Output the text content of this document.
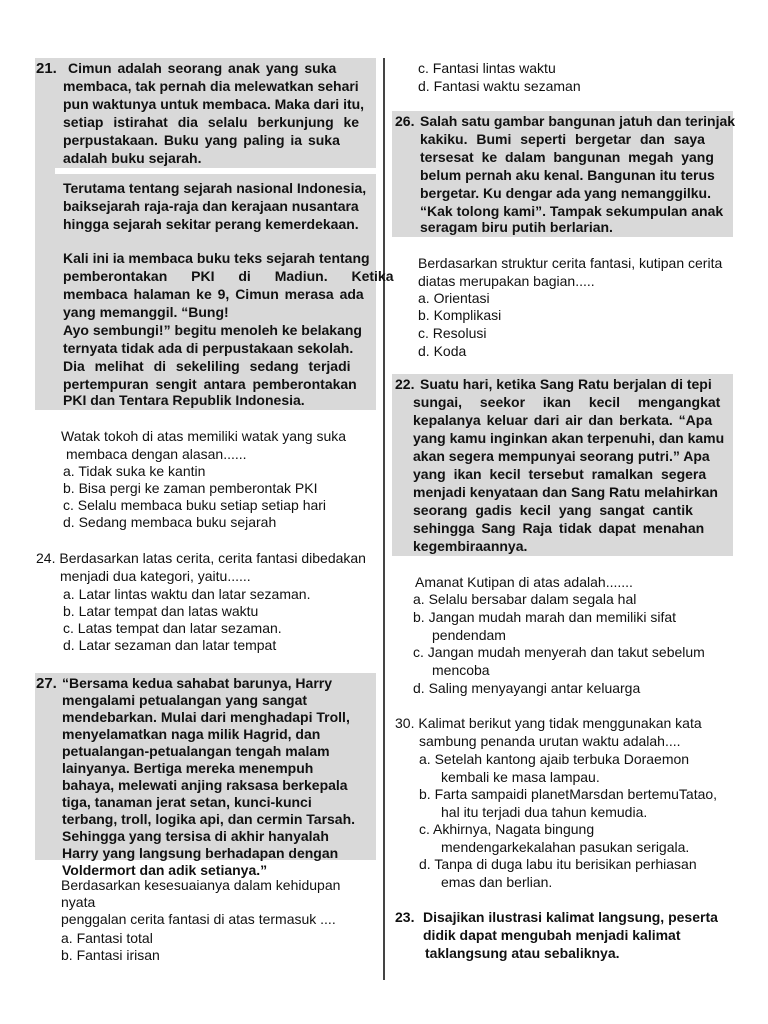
21. Cimun adalah seorang anak yang suka
membaca, tak pernah dia melewatkan sehari
pun waktunya untuk membaca. Maka dari itu,
setiap istirahat dia selalu berkunjung ke
perpustakaan. Buku yang paling ia suka
adalah buku sejarah.
Terutama tentang sejarah nasional Indonesia,
baiksejarah raja-raja dan kerajaan nusantara
hingga sejarah sekitar perang kemerdekaan.
Kali ini ia membaca buku teks sejarah tentang
pemberontakan PKI di Madiun. Ketika
membaca halaman ke 9, Cimun merasa ada
yang memanggil. “Bung!
Ayo sembungi!” begitu menoleh ke belakang
ternyata tidak ada di perpustakaan sekolah.
Dia melihat di sekeliling sedang terjadi
pertempuran sengit antara pemberontakan
PKI dan Tentara Republik Indonesia.
Watak tokoh di atas memiliki watak yang suka
membaca dengan alasan......
a. Tidak suka ke kantin
b. Bisa pergi ke zaman pemberontak PKI
c. Selalu membaca buku setiap setiap hari
d. Sedang membaca buku sejarah
24. Berdasarkan latas cerita, cerita fantasi dibedakan
menjadi dua kategori, yaitu......
a. Latar lintas waktu dan latar sezaman.
b. Latar tempat dan latas waktu
c. Latas tempat dan latar sezaman.
d. Latar sezaman dan latar tempat
27. “Bersama kedua sahabat barunya, Harry
mengalami petualangan yang sangat
mendebarkan. Mulai dari menghadapi Troll,
menyelamatkan naga milik Hagrid, dan
petualangan-petualangan tengah malam
lainyanya. Bertiga mereka menempuh
bahaya, melewati anjing raksasa berkepala
tiga, tanaman jerat setan, kunci-kunci
terbang, troll, logika api, dan cermin Tarsah.
Sehingga yang tersisa di akhir hanyalah
Harry yang langsung berhadapan dengan
Voldermort dan adik setianya.”
Berdasarkan kesesuaianya dalam kehidupan
nyata
penggalan cerita fantasi di atas termasuk ....
a. Fantasi total
b. Fantasi irisan
c. Fantasi lintas waktu
d. Fantasi waktu sezaman
26. Salah satu gambar bangunan jatuh dan terinjak
kakiku. Bumi seperti bergetar dan saya
tersesat ke dalam bangunan megah yang
belum pernah aku kenal. Bangunan itu terus
bergetar. Ku dengar ada yang nemanggilku.
“Kak tolong kami”. Tampak sekumpulan anak
seragam biru putih berlarian.
Berdasarkan struktur cerita fantasi, kutipan cerita
diatas merupakan bagian.....
a. Orientasi
b. Komplikasi
c. Resolusi
d. Koda
22. Suatu hari, ketika Sang Ratu berjalan di tepi
sungai, seekor ikan kecil mengangkat
kepalanya keluar dari air dan berkata. “Apa
yang kamu inginkan akan terpenuhi, dan kamu
akan segera mempunyai seorang putri.” Apa
yang ikan kecil tersebut ramalkan segera
menjadi kenyataan dan Sang Ratu melahirkan
seorang gadis kecil yang sangat cantik
sehingga Sang Raja tidak dapat menahan
kegembiraannya.
Amanat Kutipan di atas adalah.......
a. Selalu bersabar dalam segala hal
b. Jangan mudah marah dan memiliki sifat
pendendam
c. Jangan mudah menyerah dan takut sebelum
mencoba
d. Saling menyayangi antar keluarga
30. Kalimat berikut yang tidak menggunakan kata
sambung penanda urutan waktu adalah....
a. Setelah kantong ajaib terbuka Doraemon
kembali ke masa lampau.
b. Farta sampaidi planetMarsdan bertemuTatao,
hal itu terjadi dua tahun kemudia.
c. Akhirnya, Nagata bingung
mendengarkekalahan pasukan serigala.
d. Tanpa di duga labu itu berisikan perhiasan
emas dan berlian.
23. Disajikan ilustrasi kalimat langsung, peserta
didik dapat mengubah menjadi kalimat
taklangsung atau sebaliknya.
